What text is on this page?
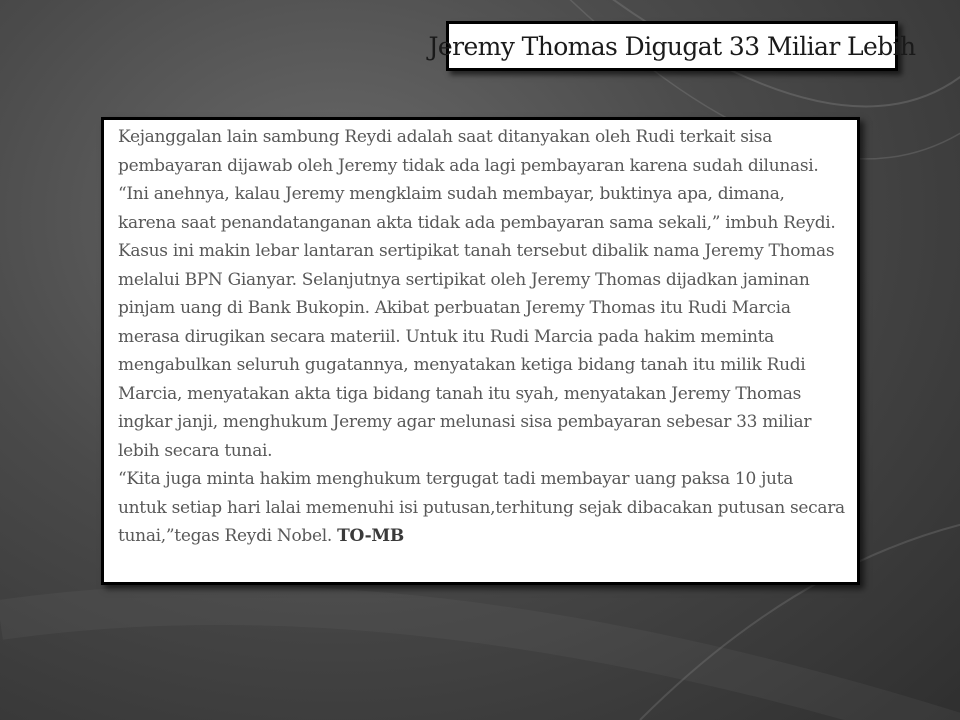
Jeremy Thomas Digugat 33 Miliar Lebih

Kejanggalan lain sambung Reydi adalah saat ditanyakan oleh Rudi terkait sisa pembayaran dijawab oleh Jeremy tidak ada lagi pembayaran karena sudah dilunasi. “Ini anehnya, kalau Jeremy mengklaim sudah membayar, buktinya apa, dimana, karena saat penandatanganan akta tidak ada pembayaran sama sekali,” imbuh Reydi.

Kasus ini makin lebar lantaran sertipikat tanah tersebut dibalik nama Jeremy Thomas melalui BPN Gianyar. Selanjutnya sertipikat oleh Jeremy Thomas dijadkan jaminan pinjam uang di Bank Bukopin. Akibat perbuatan Jeremy Thomas itu Rudi Marcia merasa dirugikan secara materiil. Untuk itu Rudi Marcia pada hakim meminta mengabulkan seluruh gugatannya, menyatakan ketiga bidang tanah itu milik Rudi Marcia, menyatakan akta tiga bidang tanah itu syah, menyatakan Jeremy Thomas ingkar janji, menghukum Jeremy agar melunasi sisa pembayaran sebesar 33 miliar lebih secara tunai.

“Kita juga minta hakim menghukum tergugat tadi membayar uang paksa 10 juta untuk setiap hari lalai memenuhi isi putusan,terhitung sejak dibacakan putusan secara tunai,”tegas Reydi Nobel. TO-MB
